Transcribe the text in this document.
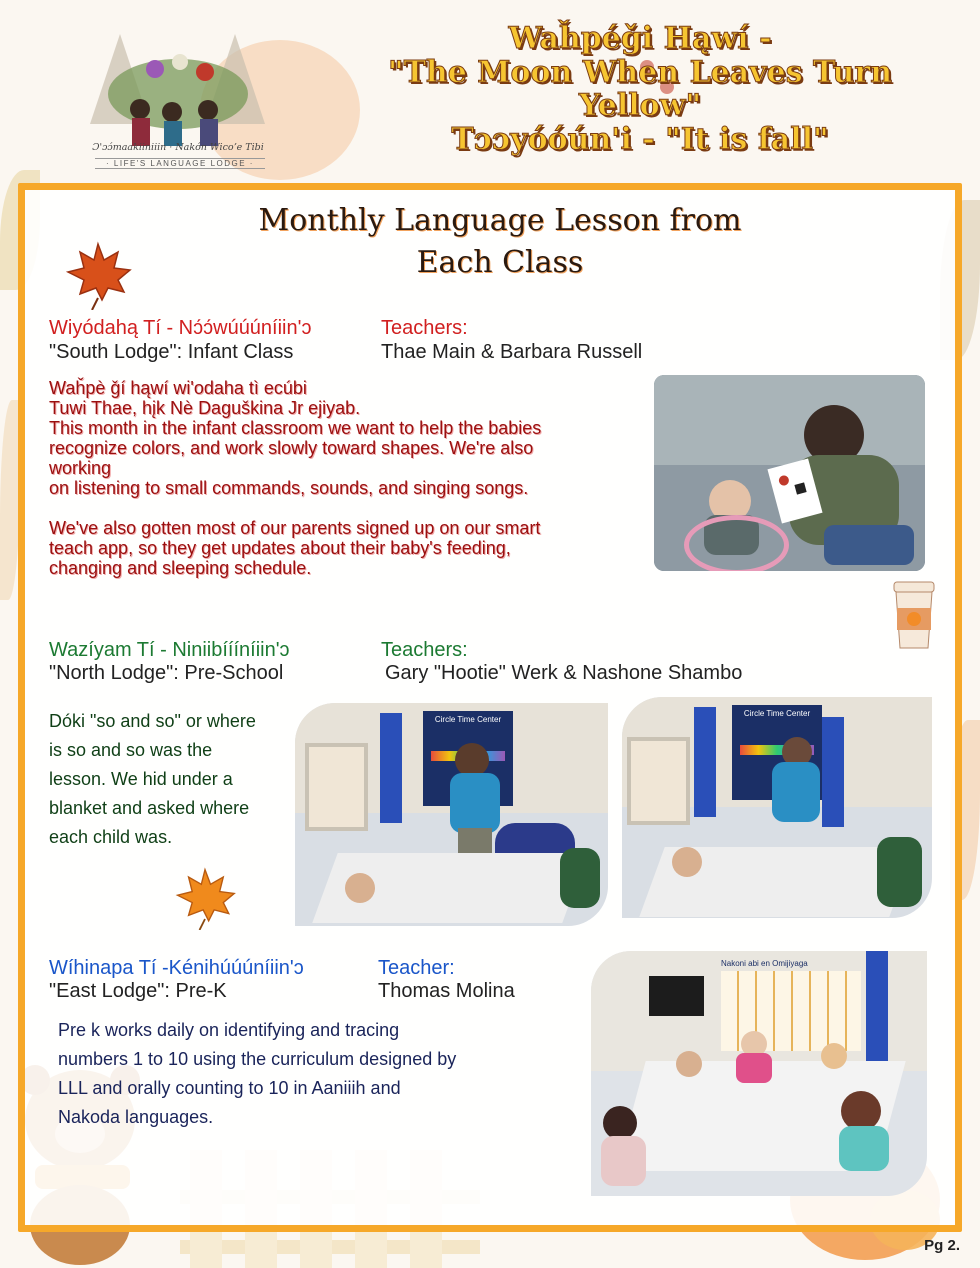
Ɔ'ɔɔ́maakiiniiin · Nakón Wicoʼe Tibi
· LIFE'S LANGUAGE LODGE ·
Waȟpéǧi Hąwí -
"The Moon When Leaves Turn Yellow"
Tɔɔyóóún'i - "It is fall"
Monthly Language Lesson from
Each Class
Wiyódahą Tí - Nɔ́ɔ́wúúúníiin'ɔ
"South Lodge": Infant Class
Teachers:
Thae Main & Barbara Russell
Waȟpè ǧí hąwí wi'odaha tì ecúbi
Tuwi Thae, hįk Nè Daguškina Jr ejiyab.
This month in the infant classroom we want to help the babies
recognize colors, and work slowly toward shapes. We're also
working
on listening to small commands, sounds, and singing songs.
We've also gotten most of our parents signed up on our smart
teach app, so they get updates about their baby's feeding,
changing and sleeping schedule.
Wazíyam Tí - Niniibíííníiin'ɔ
"North Lodge": Pre-School
Teachers:
Gary "Hootie" Werk & Nashone Shambo
Dóki "so and so" or where
is so and so was the
lesson. We hid under a
blanket and asked where
each child was.
Circle Time Center
Circle Time Center
Wíhinapa Tí -Kénihúúúníiin'ɔ
"East Lodge": Pre-K
Teacher:
Thomas Molina
Pre k works daily on identifying and tracing
numbers 1 to 10 using the curriculum designed by
LLL and orally counting to 10 in Aaniiih and
Nakoda languages.
Nakoni abi en Omijiyaga
Pg 2.
